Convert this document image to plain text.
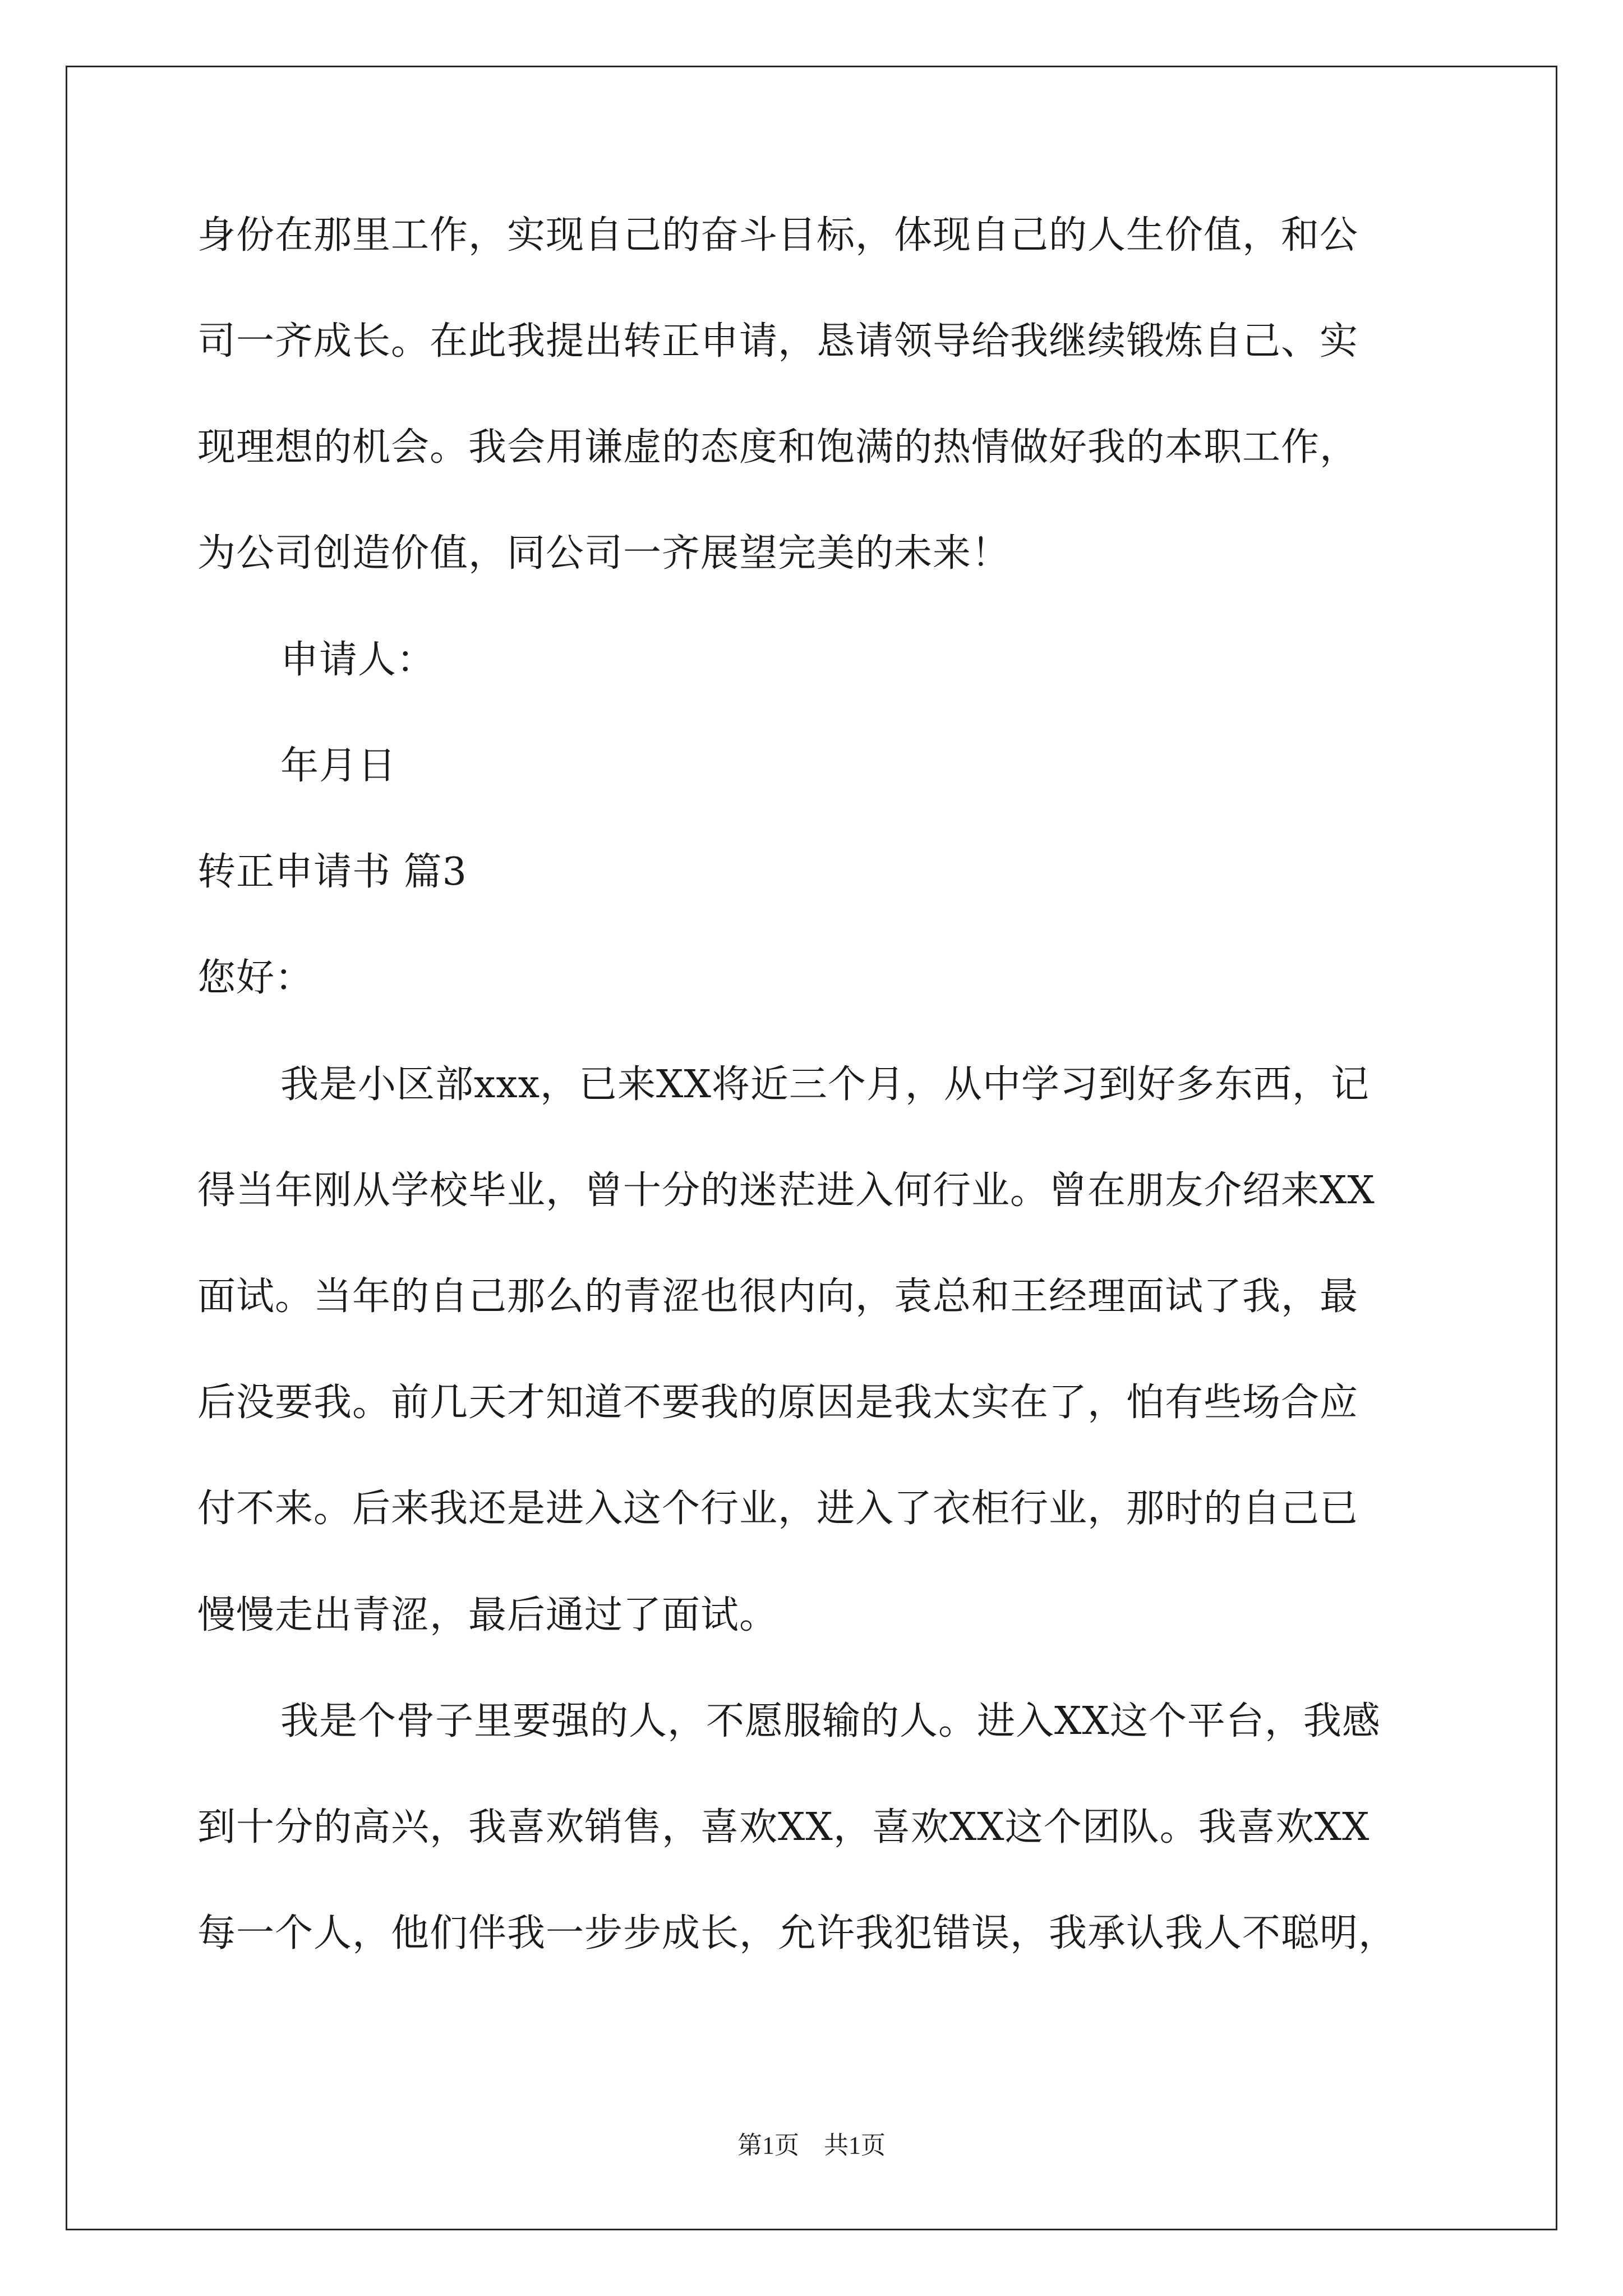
身份在那里工作，实现自己的奋斗目标，体现自己的人生价值，和公
司一齐成长。在此我提出转正申请，恳请领导给我继续锻炼自己、实
现理想的机会。我会用谦虚的态度和饱满的热情做好我的本职工作，
为公司创造价值，同公司一齐展望完美的未来！
申请人：
年月日
转正申请书 篇3
您好：
我是小区部xxx，已来XX将近三个月，从中学习到好多东西，记
得当年刚从学校毕业，曾十分的迷茫进入何行业。曾在朋友介绍来XX
面试。当年的自己那么的青涩也很内向，袁总和王经理面试了我，最
后没要我。前几天才知道不要我的原因是我太实在了，怕有些场合应
付不来。后来我还是进入这个行业，进入了衣柜行业，那时的自己已
慢慢走出青涩，最后通过了面试。
我是个骨子里要强的人，不愿服输的人。进入XX这个平台，我感
到十分的高兴，我喜欢销售，喜欢XX，喜欢XX这个团队。我喜欢XX
每一个人，他们伴我一步步成长，允许我犯错误，我承认我人不聪明，
第1页　共1页
